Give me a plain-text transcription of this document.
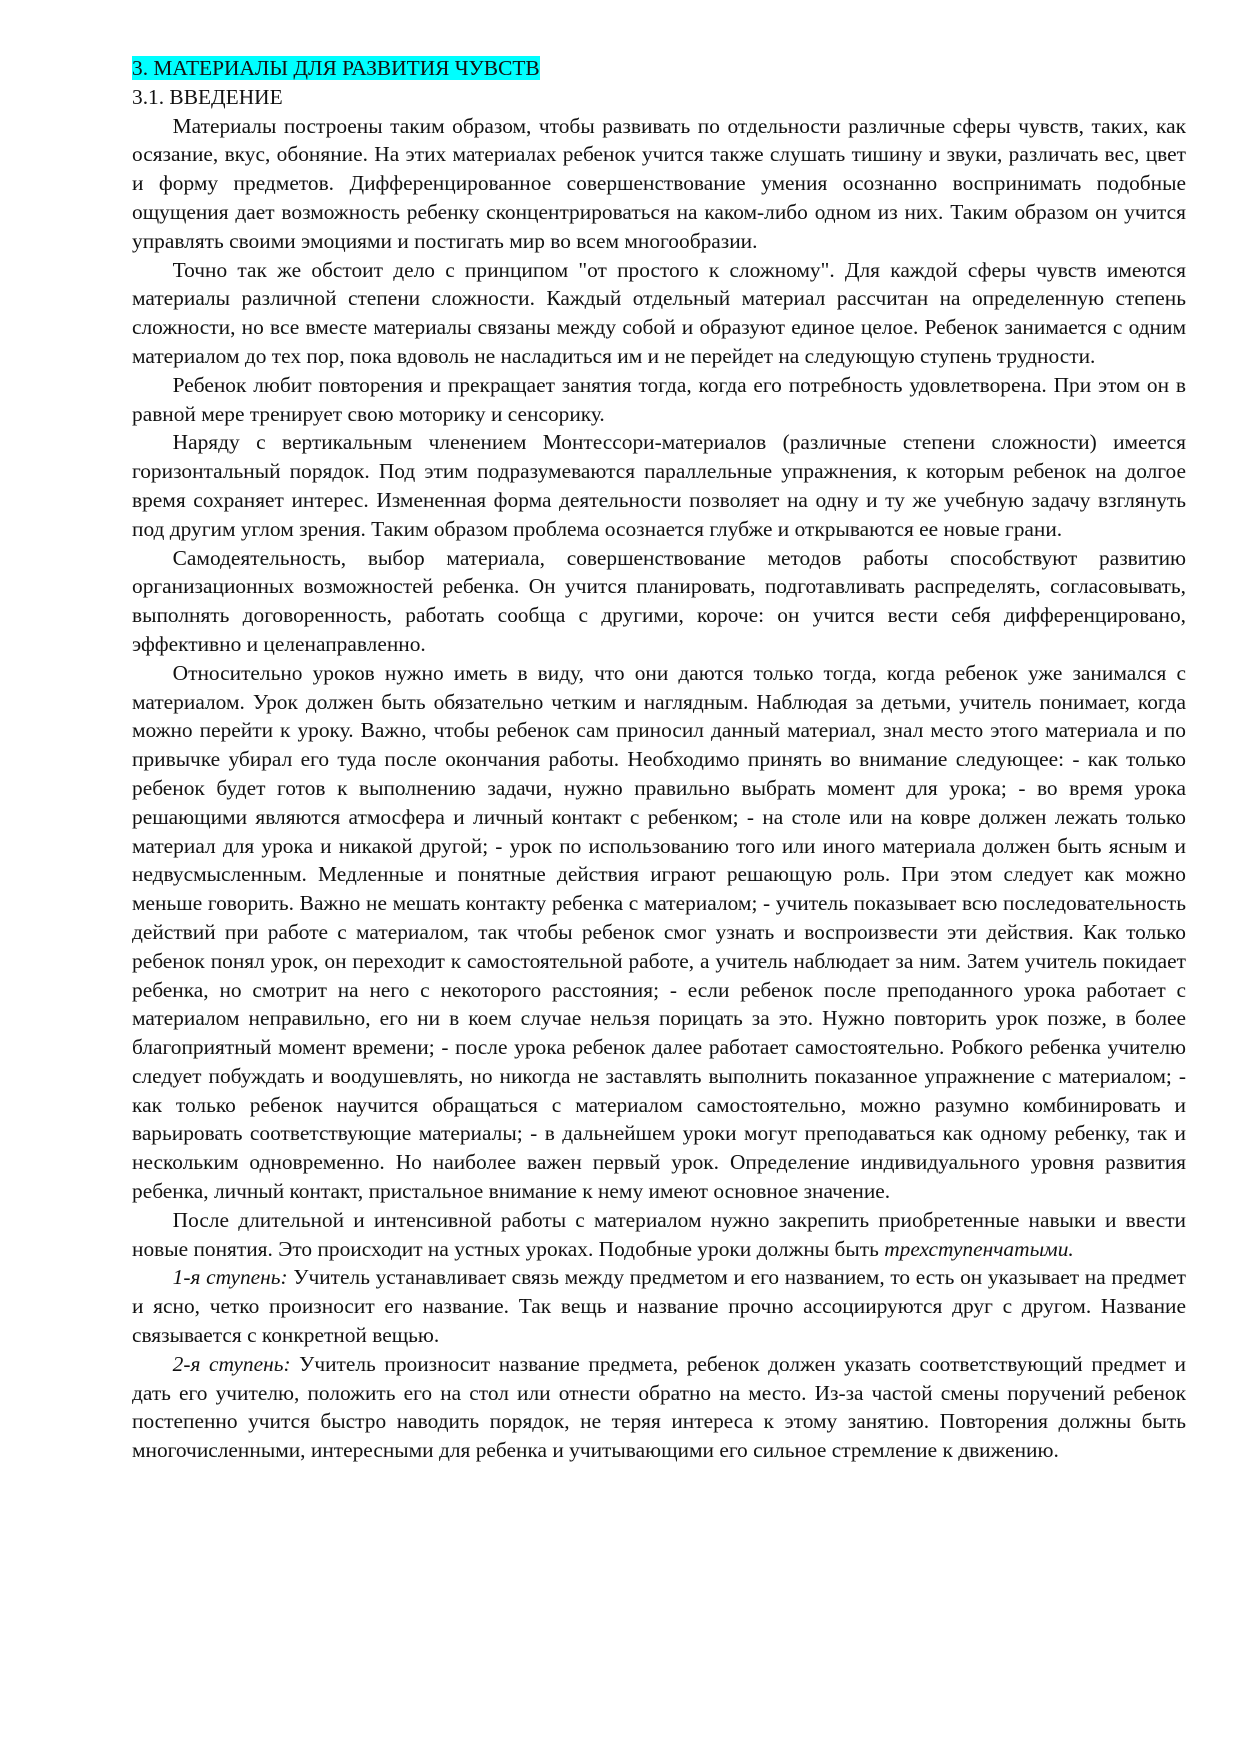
3. МАТЕРИАЛЫ ДЛЯ РАЗВИТИЯ ЧУВСТВ

3.1. ВВЕДЕНИЕ

Материалы построены таким образом, чтобы развивать по отдельности различные сферы чувств, таких, как осязание, вкус, обоняние. На этих материалах ребенок учится также слушать тишину и звуки, различать вес, цвет и форму предметов. Дифференцированное совершенствование умения осознанно воспринимать подобные ощущения дает возможность ребенку сконцентрироваться на каком-либо одном из них. Таким образом он учится управлять своими эмоциями и постигать мир во всем многообразии.

Точно так же обстоит дело с принципом "от простого к сложному". Для каждой сферы чувств имеются материалы различной степени сложности. Каждый отдельный материал рассчитан на определенную степень сложности, но все вместе материалы связаны между собой и образуют единое целое. Ребенок занимается с одним материалом до тех пор, пока вдоволь не насладиться им и не перейдет на следующую ступень трудности.

Ребенок любит повторения и прекращает занятия тогда, когда его потребность удовлетворена. При этом он в равной мере тренирует свою моторику и сенсорику.

Наряду с вертикальным членением Монтессори-материалов (различные степени сложности) имеется горизонтальный порядок. Под этим подразумеваются параллельные упражнения, к которым ребенок на долгое время сохраняет интерес. Измененная форма деятельности позволяет на одну и ту же учебную задачу взглянуть под другим углом зрения. Таким образом проблема осознается глубже и открываются ее новые грани.

Самодеятельность, выбор материала, совершенствование методов работы способствуют развитию организационных возможностей ребенка. Он учится планировать, подготавливать распределять, согласовывать, выполнять договоренность, работать сообща с другими, короче: он учится вести себя дифференцировано, эффективно и целенаправленно.

Относительно уроков нужно иметь в виду, что они даются только тогда, когда ребенок уже занимался с материалом. Урок должен быть обязательно четким и наглядным. Наблюдая за детьми, учитель понимает, когда можно перейти к уроку. Важно, чтобы ребенок сам приносил данный материал, знал место этого материала и по привычке убирал его туда после окончания работы. Необходимо принять во внимание следующее: - как только ребенок будет готов к выполнению задачи, нужно правильно выбрать момент для урока; - во время урока решающими являются атмосфера и личный контакт с ребенком; - на столе или на ковре должен лежать только материал для урока и никакой другой; - урок по использованию того или иного материала должен быть ясным и недвусмысленным. Медленные и понятные действия играют решающую роль. При этом следует как можно меньше говорить. Важно не мешать контакту ребенка с материалом; - учитель показывает всю последовательность действий при работе с материалом, так чтобы ребенок смог узнать и воспроизвести эти действия. Как только ребенок понял урок, он переходит к самостоятельной работе, а учитель наблюдает за ним. Затем учитель покидает ребенка, но смотрит на него с некоторого расстояния; - если ребенок после преподанного урока работает с материалом неправильно, его ни в коем случае нельзя порицать за это. Нужно повторить урок позже, в более благоприятный момент времени; - после урока ребенок далее работает самостоятельно. Робкого ребенка учителю следует побуждать и воодушевлять, но никогда не заставлять выполнить показанное упражнение с материалом; - как только ребенок научится обращаться с материалом самостоятельно, можно разумно комбинировать и варьировать соответствующие материалы; - в дальнейшем уроки могут преподаваться как одному ребенку, так и нескольким одновременно. Но наиболее важен первый урок. Определение индивидуального уровня развития ребенка, личный контакт, пристальное внимание к нему имеют основное значение.

После длительной и интенсивной работы с материалом нужно закрепить приобретенные навыки и ввести новые понятия. Это происходит на устных уроках. Подобные уроки должны быть трехступенчатыми.

1-я ступень: Учитель устанавливает связь между предметом и его названием, то есть он указывает на предмет и ясно, четко произносит его название. Так вещь и название прочно ассоциируются друг с другом. Название связывается с конкретной вещью.

2-я ступень: Учитель произносит название предмета, ребенок должен указать соответствующий предмет и дать его учителю, положить его на стол или отнести обратно на место. Из-за частой смены поручений ребенок постепенно учится быстро наводить порядок, не теряя интереса к этому занятию. Повторения должны быть многочисленными, интересными для ребенка и учитывающими его сильное стремление к движению.
